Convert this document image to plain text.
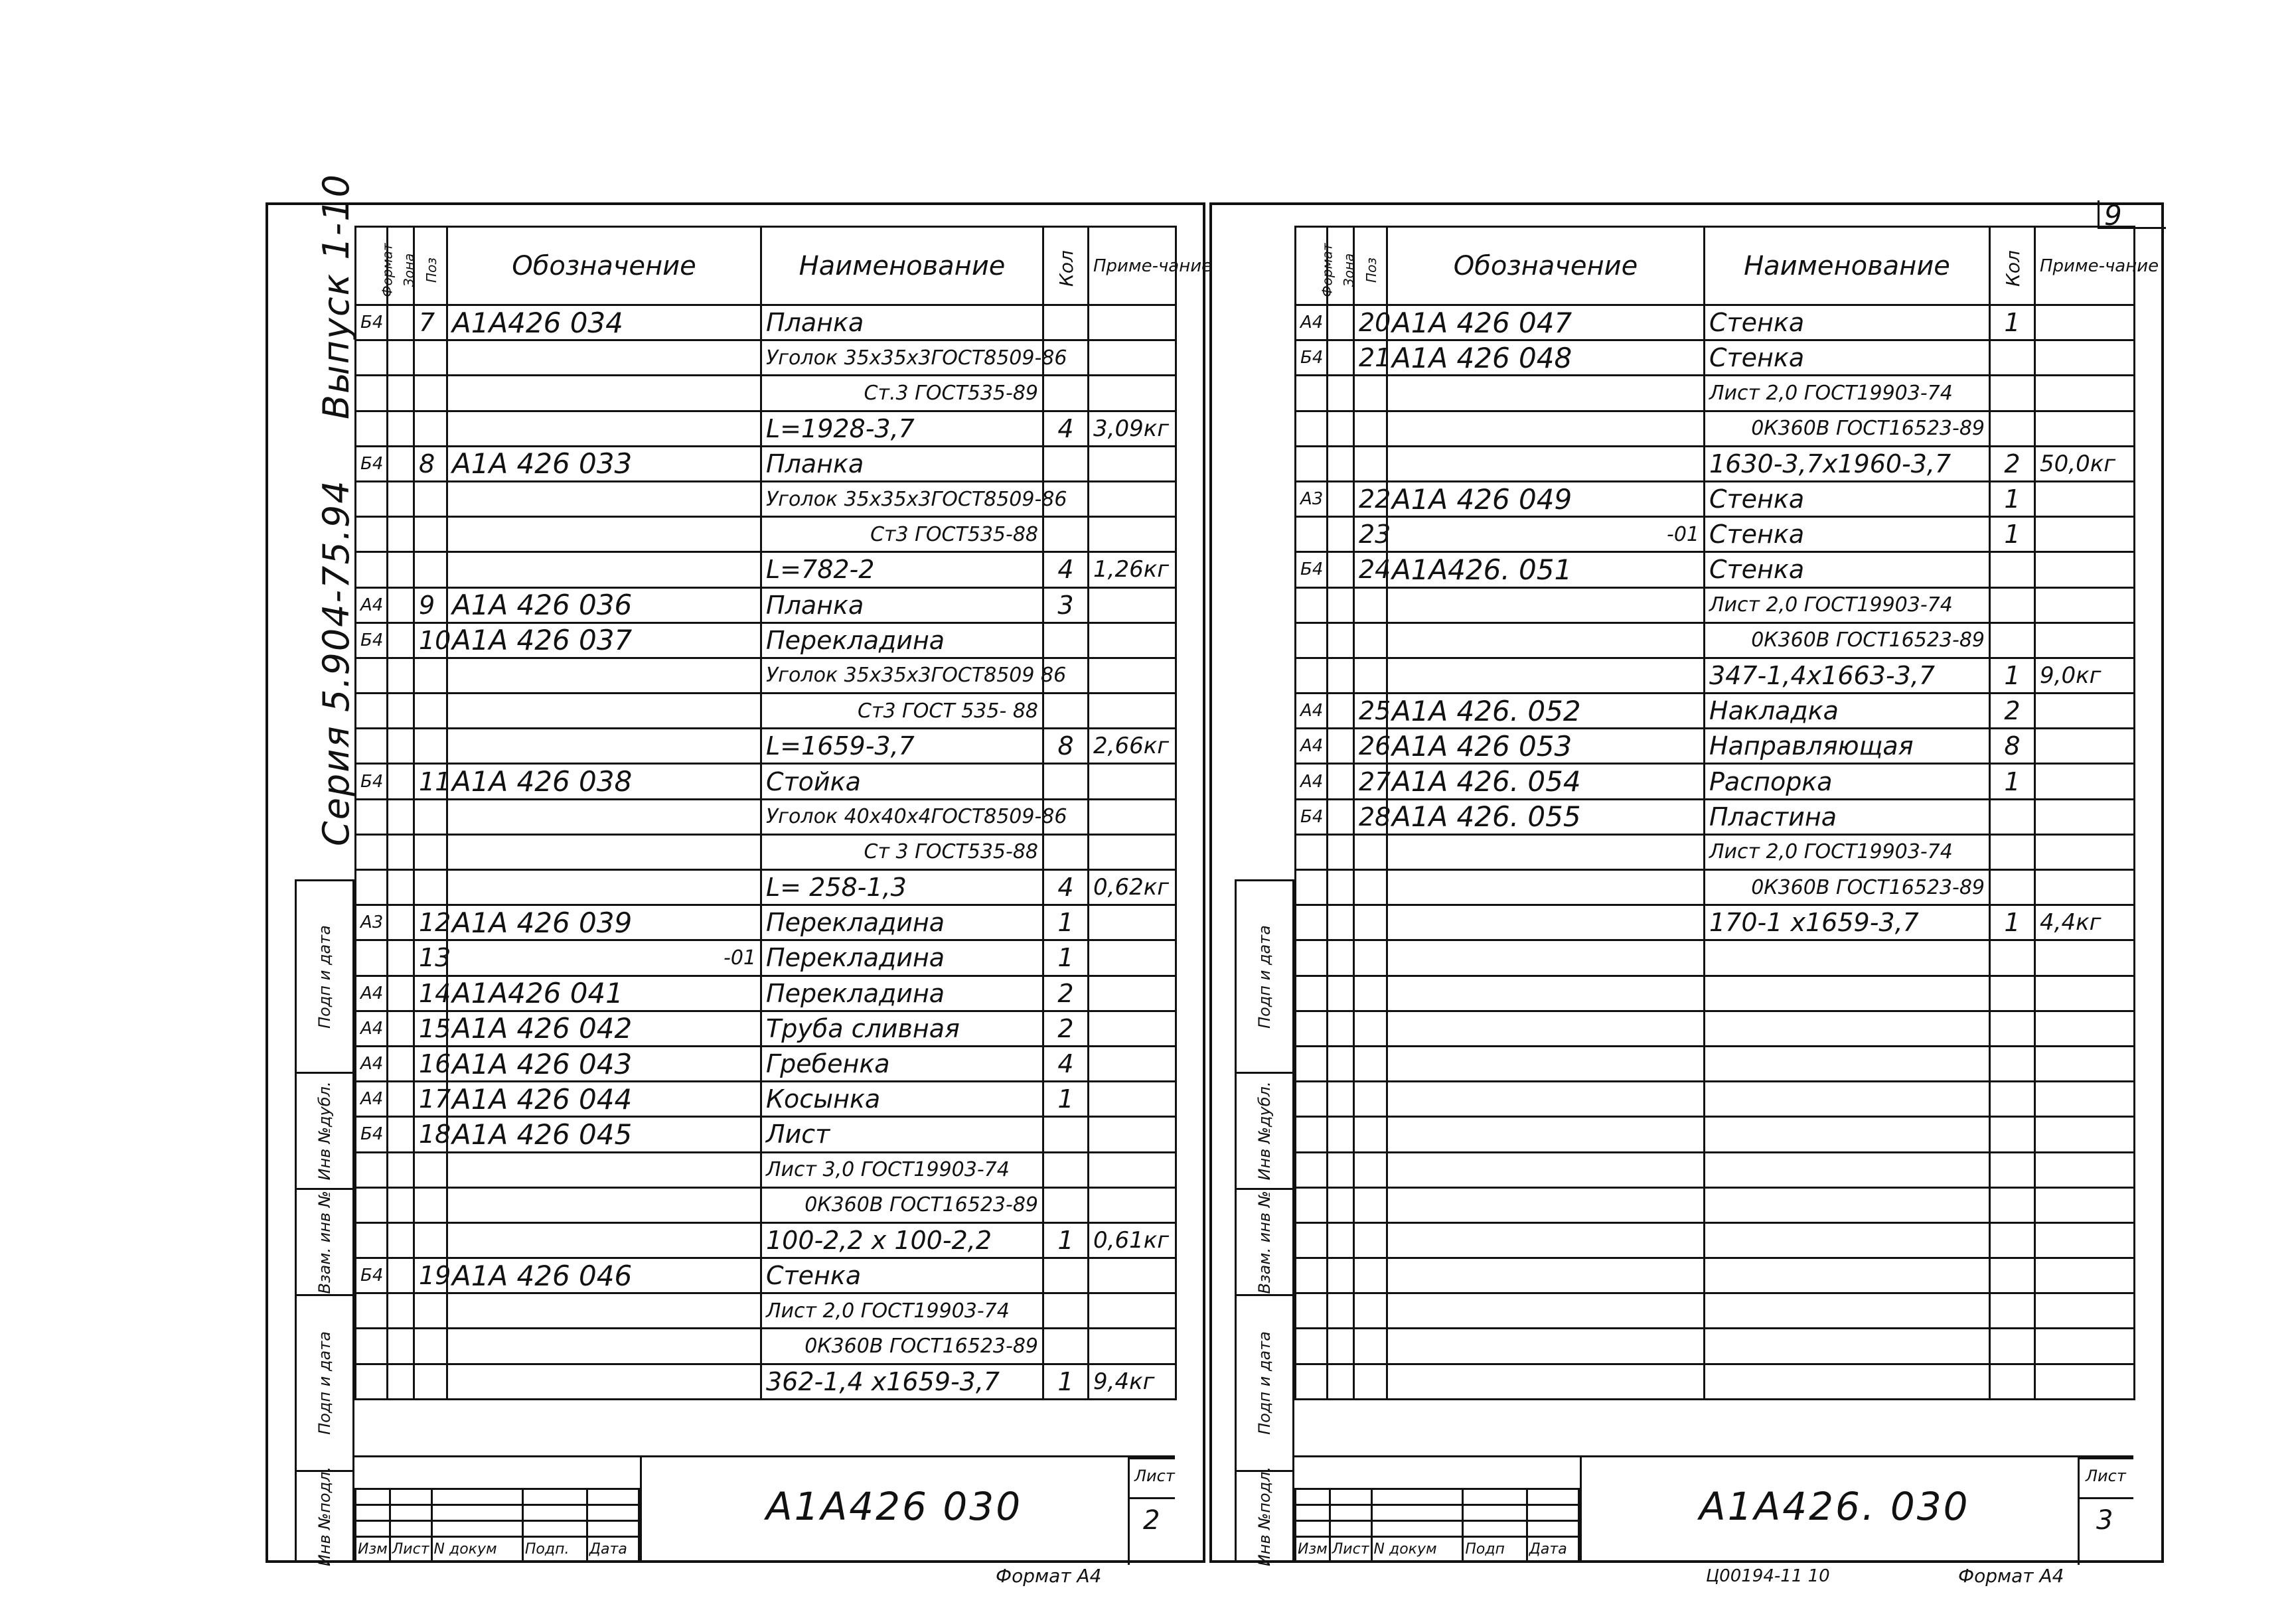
9
Серия 5.904-75.94
Выпуск 1-10
Подп и дата
Инв №дубл.
Взам. инв №
Подп и дата
Инв №подл.
Формат	Зона	Поз	Обозначение	Наименование	Кол	Приме-чание

Б4		7	А1А426 034	Планка		
				Уголок 35х35х3ГОСТ8509-86		
				Ст.3 ГОСТ535-89		
				L=1928-3,7	4	3,09кг
Б4		8	А1А 426 033	Планка		
				Уголок 35х35х3ГОСТ8509-86		
				Ст3 ГОСТ535-88		
				L=782-2	4	1,26кг
А4		9	А1А 426 036	Планка	3	
Б4		10	А1А 426 037	Перекладина		
				Уголок 35х35х3ГОСТ8509 86		
				Ст3 ГОСТ 535- 88		
				L=1659-3,7	8	2,66кг
Б4		11	А1А 426 038	Стойка		
				Уголок 40х40х4ГОСТ8509-86		
				Ст 3 ГОСТ535-88		
				L= 258-1,3	4	0,62кг
А3		12	А1А 426 039	Перекладина	1	
		13	-01	Перекладина	1	
А4		14	А1А426 041	Перекладина	2	
А4		15	А1А 426 042	Труба сливная	2	
А4		16	А1А 426 043	Гребенка	4	
А4		17	А1А 426 044	Косынка	1	
Б4		18	А1А 426 045	Лист		
				Лист 3,0 ГОСТ19903-74		
				0К360В ГОСТ16523-89		
				100-2,2 х 100-2,2	1	0,61кг
Б4		19	А1А 426 046	Стенка		
				Лист 2,0 ГОСТ19903-74		
				0К360В ГОСТ16523-89		
				362-1,4 х1659-3,7	1	9,4кг

Изм	Лист	N докум	Подп.	Дата
А1А426 030
Лист
2
Формат А4
Подп и дата
Инв №дубл.
Взам. инв №
Подп и дата
Инв №подл.
Формат	Зона	Поз	Обозначение	Наименование	Кол	Приме-чание

А4		20	А1А 426 047	Стенка	1	
Б4		21	А1А 426 048	Стенка		
				Лист 2,0 ГОСТ19903-74		
				0К360В ГОСТ16523-89		
				1630-3,7х1960-3,7	2	50,0кг
А3		22	А1А 426 049	Стенка	1	
		23	-01	Стенка	1	
Б4		24	А1А426. 051	Стенка		
				Лист 2,0 ГОСТ19903-74		
				0К360В ГОСТ16523-89		
				347-1,4х1663-3,7	1	9,0кг
А4		25	А1А 426. 052	Накладка	2	
А4		26	А1А 426 053	Направляющая	8	
А4		27	А1А 426. 054	Распорка	1	
Б4		28	А1А 426. 055	Пластина		
				Лист 2,0 ГОСТ19903-74		
				0К360В ГОСТ16523-89		
				170-1 х1659-3,7	1	4,4кг

Изм	Лист	N докум	Подп	Дата
А1А426. 030
Лист
3
Ц00194-11 10	Формат А4
